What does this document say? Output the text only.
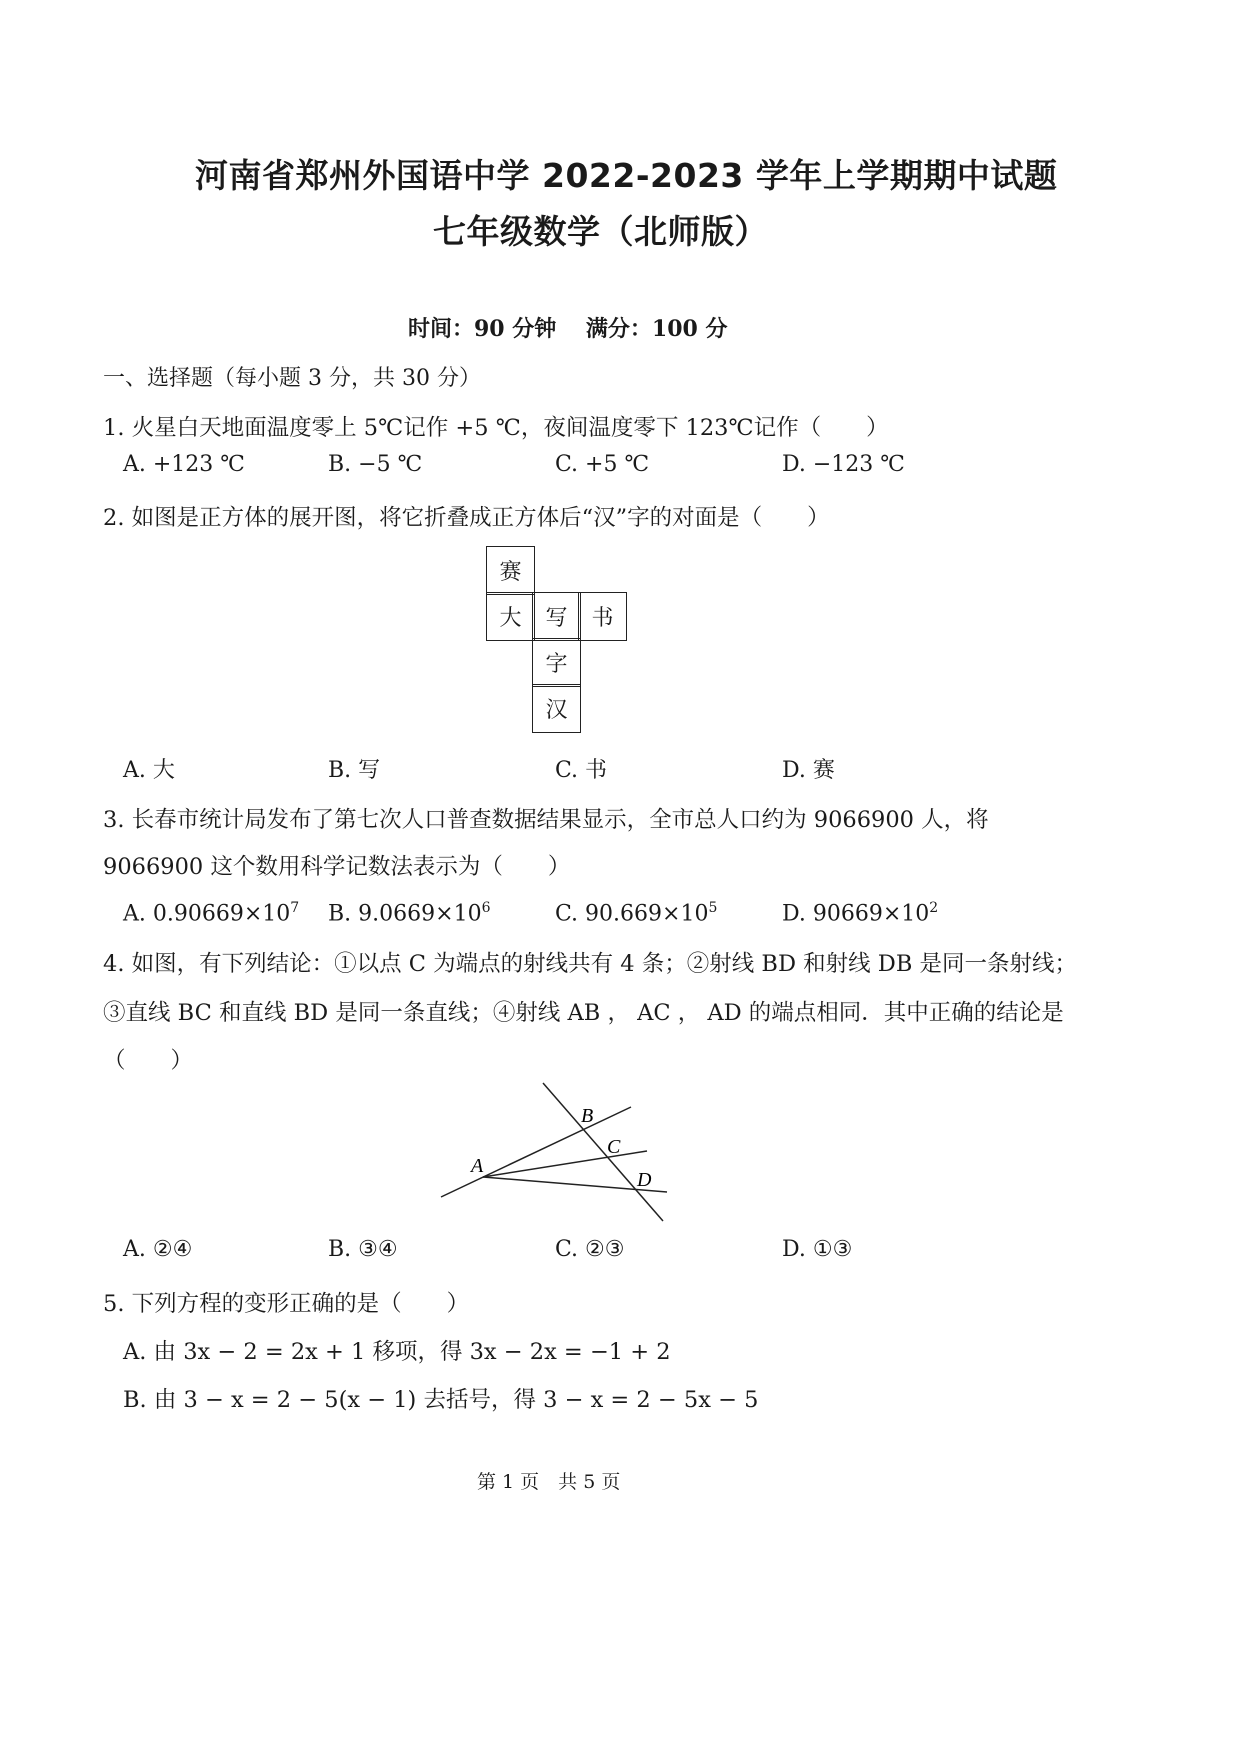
河南省郑州外国语中学 2022-2023 学年上学期期中试题
七年级数学（北师版）
时间：90 分钟　 满分：100 分
一、选择题（每小题 3 分，共 30 分）
1. 火星白天地面温度零上 5℃记作 +5 ℃，夜间温度零下 123℃记作（　　）
A. +123 ℃	B. −5 ℃	C. +5 ℃	D. −123 ℃
2. 如图是正方体的展开图，将它折叠成正方体后“汉”字的对面是（　　）
赛
大	写	书
字
汉
A. 大	B. 写	C. 书	D. 赛
3. 长春市统计局发布了第七次人口普查数据结果显示，全市总人口约为 9066900 人，将
9066900 这个数用科学记数法表示为（　　）
A. $0.90669\times 10^7$ B. $9.0669\times 10^6$	C. $90.669\times 10^5$	D. $90669\times 10^2$
4. 如图，有下列结论：①以点 C 为端点的射线共有 4 条；②射线 BD 和射线 DB 是同一条射线；
③直线 BC 和直线 BD 是同一条直线；④射线 AB ， AC ， AD 的端点相同．其中正确的结论是
（　　）
A
B
C
D
A. ②④	B. ③④	C. ②③	D. ①③
5. 下列方程的变形正确的是（　　）
A. 由 3x − 2 = 2x + 1 移项，得 3x − 2x = −1 + 2
B. 由 3 − x = 2 − 5(x − 1) 去括号，得 3 − x = 2 − 5x − 5
第 1 页　共 5 页
